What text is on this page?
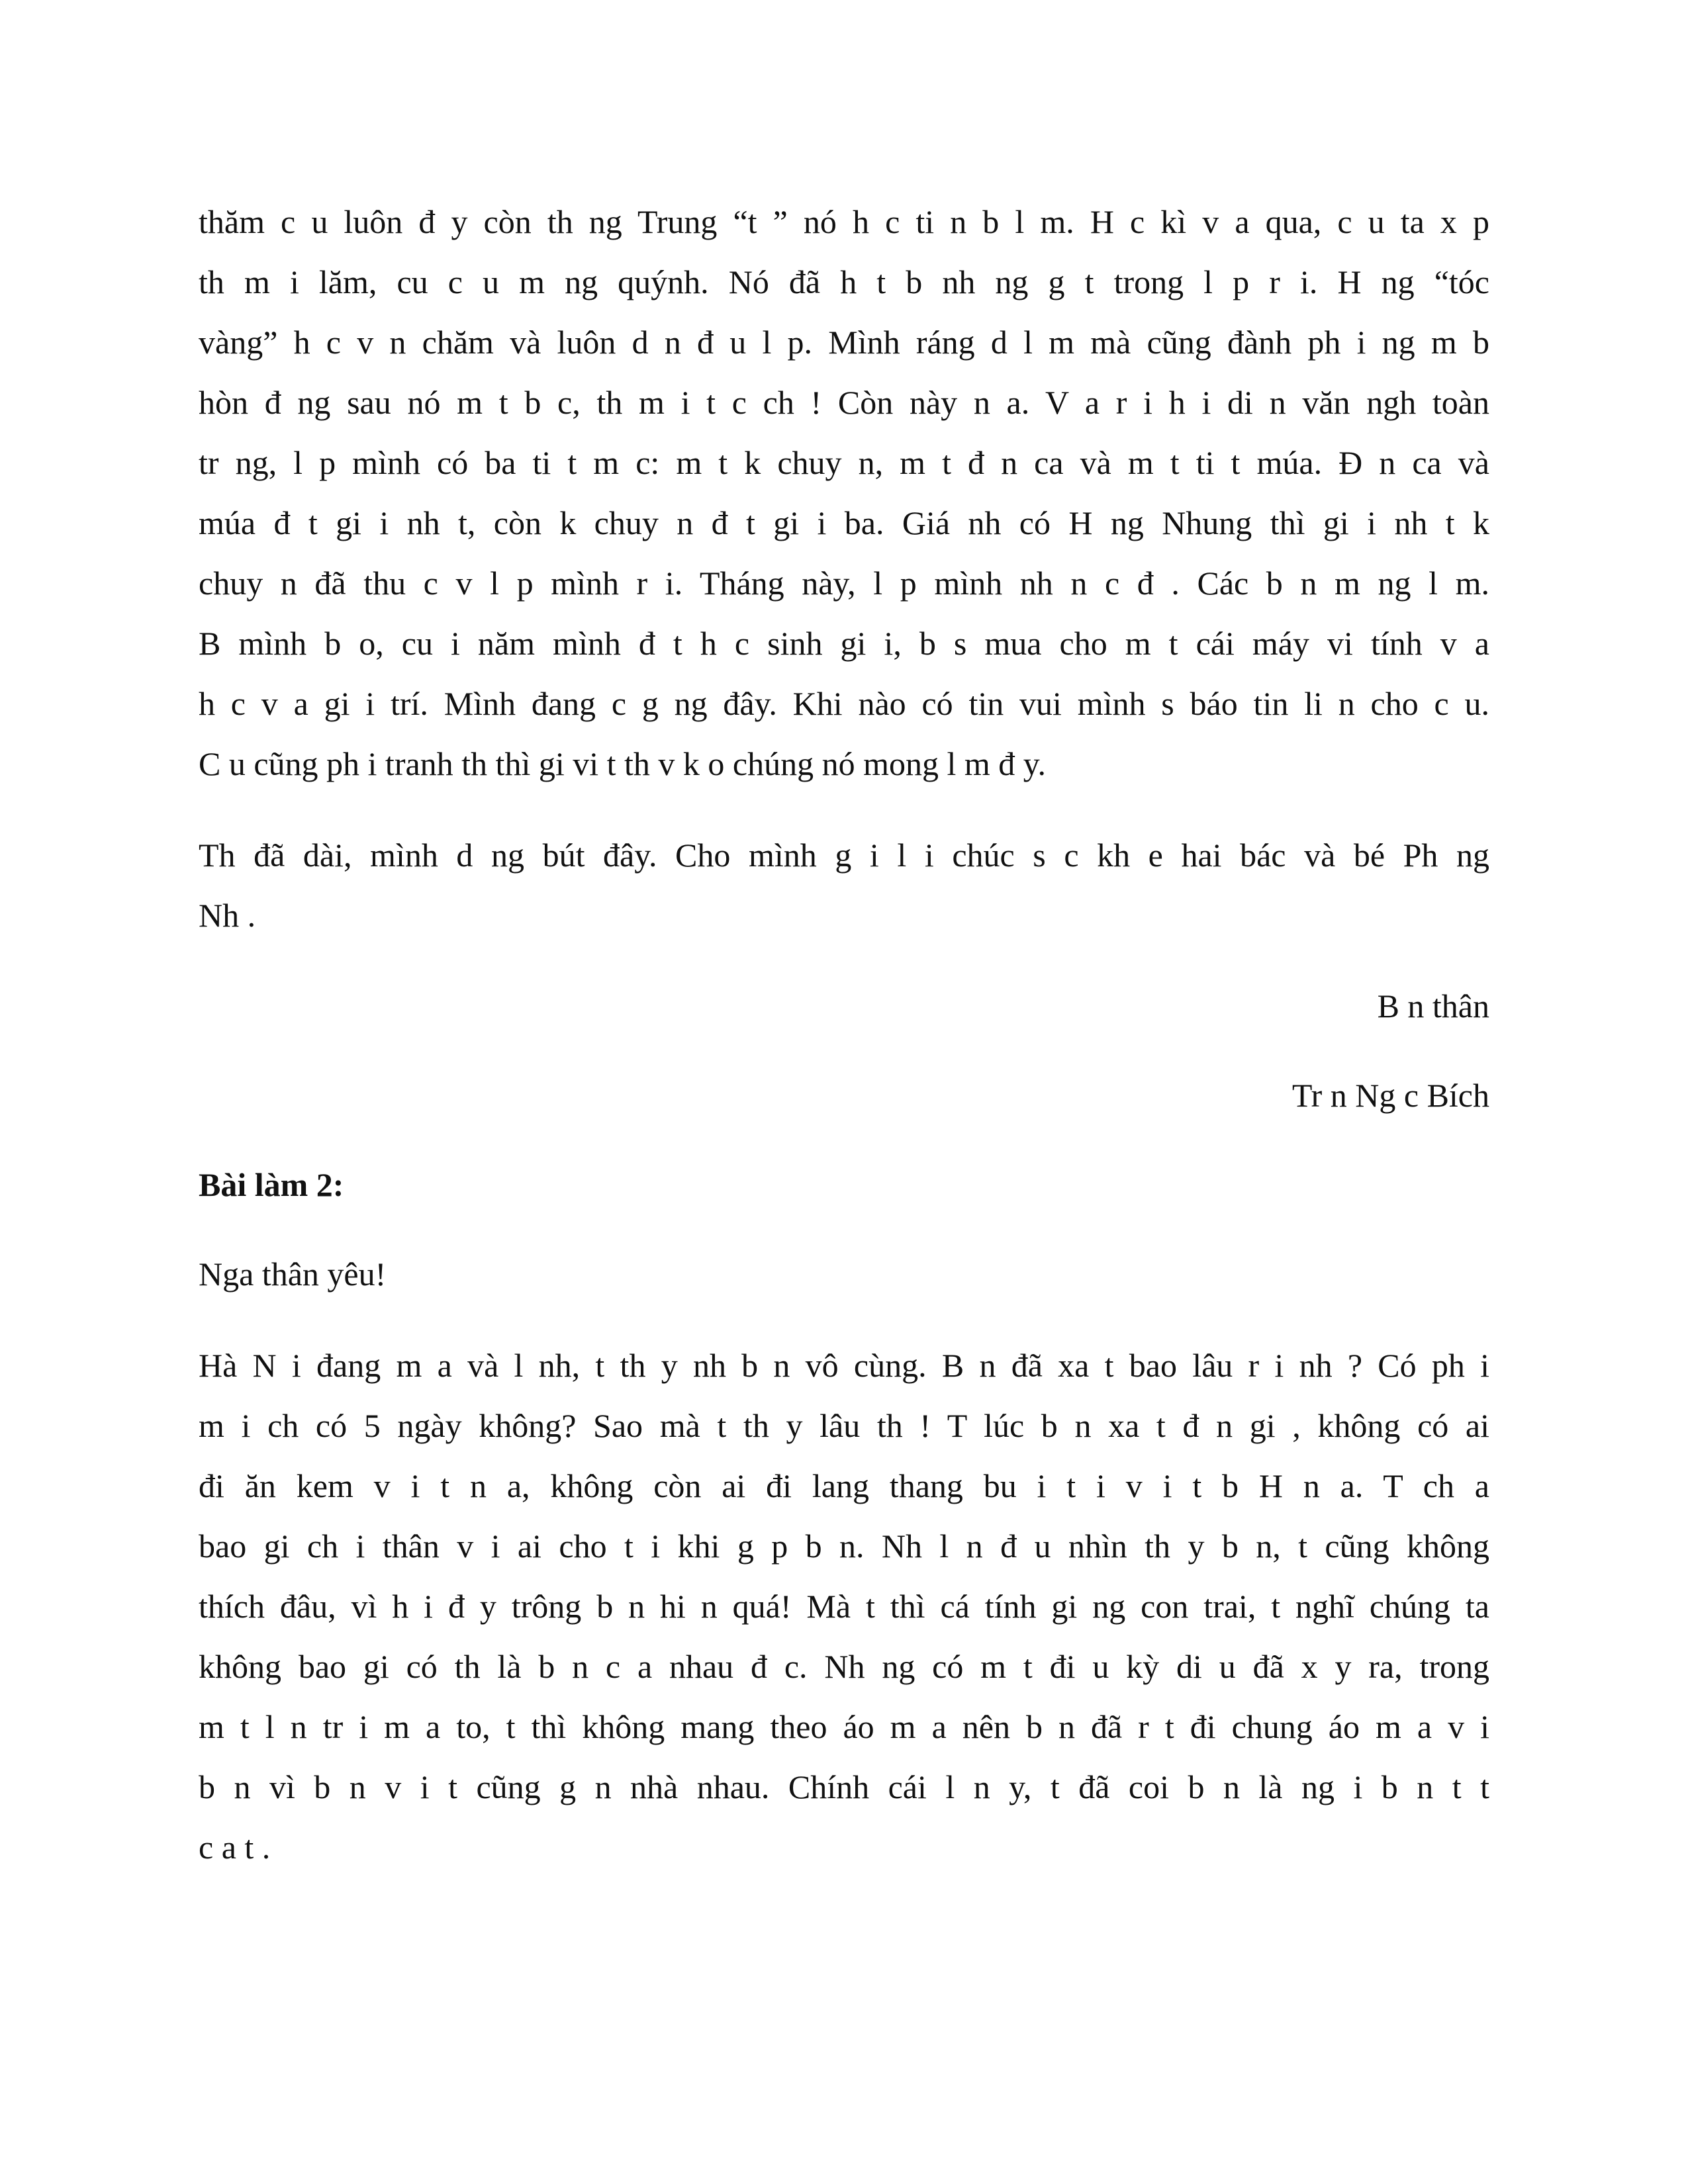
thăm c u luôn đ y còn th ng Trung “t ” nó h c ti n b l m. H c kì v a qua, c u ta x p
th m i lăm, cu c u m ng quýnh. Nó đã h t b nh ng g t trong l p r i. H ng “tóc
vàng” h c v n chăm và luôn d n đ u l p. Mình ráng d l m mà cũng đành ph i ng m b
hòn đ ng sau nó m t b c, th m i t c ch ! Còn này n a. V a r i h i di n văn ngh toàn
tr ng, l p mình có ba ti t m c: m t k chuy n, m t đ n ca và m t ti t múa. Đ n ca và
múa đ t gi i nh t, còn k chuy n đ t gi i ba. Giá nh có H ng Nhung thì gi i nh t k
chuy n đã thu c v l p mình r i. Tháng này, l p mình nh n c đ . Các b n m ng l m.
B mình b o, cu i năm mình đ t h c sinh gi i, b s mua cho m t cái máy vi tính v a
h c v a gi i trí. Mình đang c g ng đây. Khi nào có tin vui mình s báo tin li n cho c u.
C u cũng ph i tranh th thì gi vi t th v k o chúng nó mong l m đ y.
Th đã dài, mình d ng bút đây. Cho mình g i l i chúc s c kh e hai bác và bé Ph ng
Nh .
B n thân
Tr n Ng c Bích
Bài làm 2:
Nga thân yêu!
Hà N i đang m a và l nh, t th y nh b n vô cùng. B n đã xa t bao lâu r i nh ? Có ph i
m i ch có 5 ngày không? Sao mà t th y lâu th ! T lúc b n xa t đ n gi , không có ai
đi ăn kem v i t n a, không còn ai đi lang thang bu i t i v i t b H n a. T ch a
bao gi ch i thân v i ai cho t i khi g p b n. Nh l n đ u nhìn th y b n, t cũng không
thích đâu, vì h i đ y trông b n hi n quá! Mà t thì cá tính gi ng con trai, t nghĩ chúng ta
không bao gi có th là b n c a nhau đ c. Nh ng có m t đi u kỳ di u đã x y ra, trong
m t l n tr i m a to, t thì không mang theo áo m a nên b n đã r t đi chung áo m a v i
b n vì b n v i t cũng g n nhà nhau. Chính cái l n y, t đã coi b n là ng i b n t t
c a t .
